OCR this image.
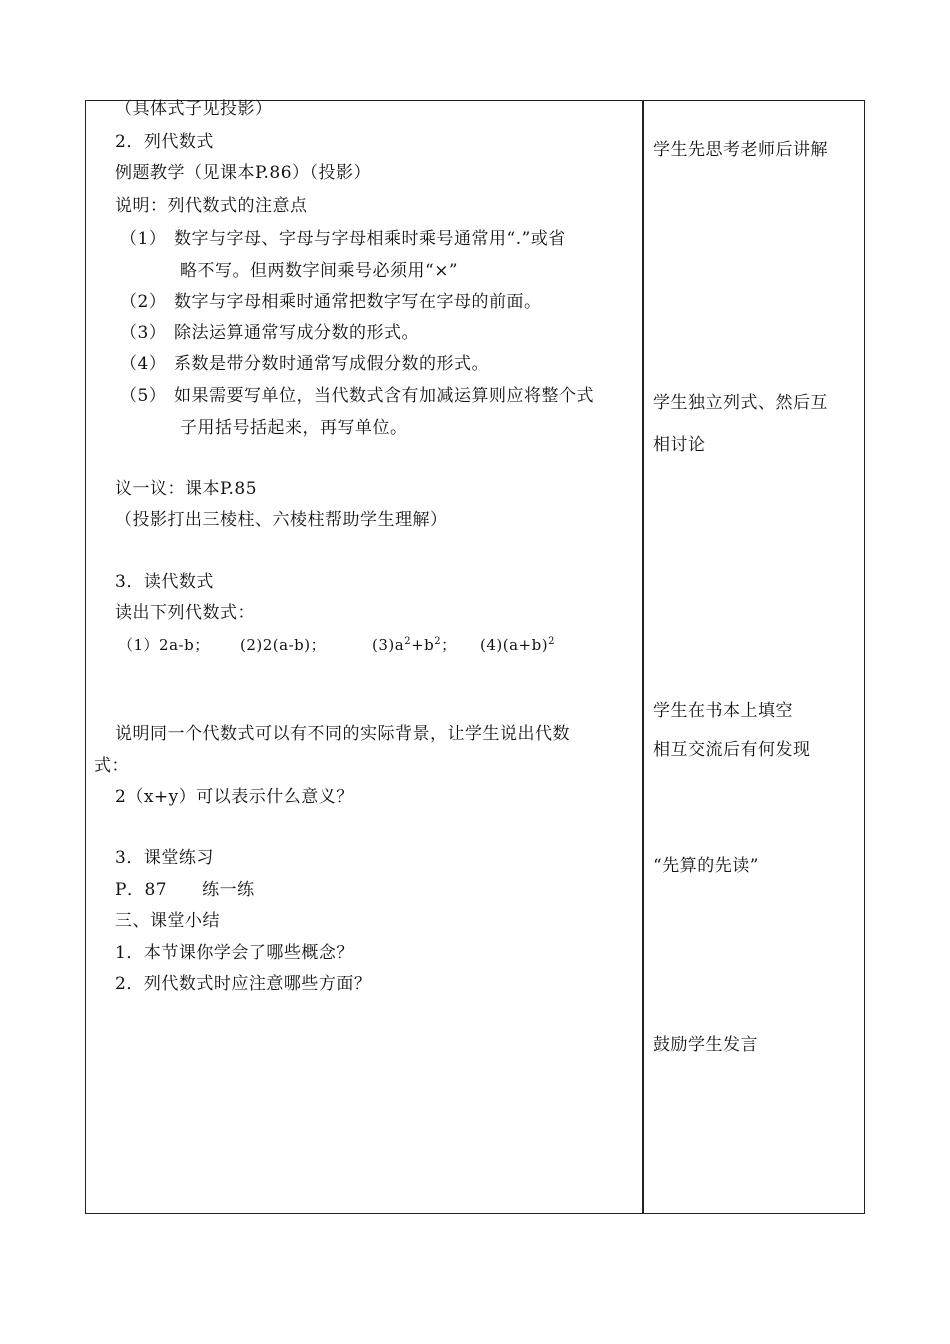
（具体式子见投影）
2．列代数式
例题教学（见课本P.86）（投影）
说明：列代数式的注意点
（1） 数字与字母、字母与字母相乘时乘号通常用“.”或省
略不写。但两数字间乘号必须用“×”
（2） 数字与字母相乘时通常把数字写在字母的前面。
（3） 除法运算通常写成分数的形式。
（4） 系数是带分数时通常写成假分数的形式。
（5） 如果需要写单位，当代数式含有加减运算则应将整个式
子用括号括起来，再写单位。
议一议：课本P.85
（投影打出三棱柱、六棱柱帮助学生理解）
3．读代数式
读出下列代数式：
（1）2a-b； (2)2(a-b)；	$(3)a^2+b^2$； $(4)(a+b)^2$
说明同一个代数式可以有不同的实际背景，让学生说出代数
式：
2（x+y）可以表示什么意义？
3．课堂练习
P．87　　练一练
三、课堂小结
1．本节课你学会了哪些概念？
2．列代数式时应注意哪些方面？
学生先思考老师后讲解
学生独立列式、然后互
相讨论
学生在书本上填空
相互交流后有何发现
“先算的先读”
鼓励学生发言
